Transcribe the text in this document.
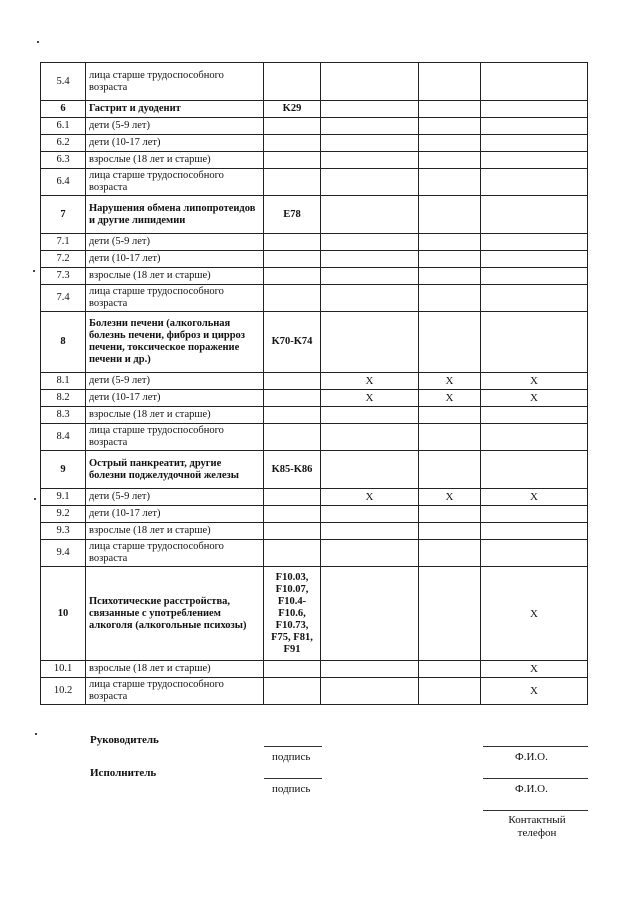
5.4	лица старше трудоспособного возраста				
6	Гастрит и дуоденит	K29			
6.1	дети (5-9 лет)				
6.2	дети (10-17 лет)				
6.3	взрослые (18 лет и старше)				
6.4	лица старше трудоспособного возраста				
7	Нарушения обмена липопротеидов и другие липидемии	E78			
7.1	дети (5-9 лет)				
7.2	дети (10-17 лет)				
7.3	взрослые (18 лет и старше)				
7.4	лица старше трудоспособного возраста				
8	Болезни печени (алкогольная болезнь печени, фиброз и цирроз печени, токсическое поражение печени и др.)	K70-K74			
8.1	дети (5-9 лет)		X	X	X
8.2	дети (10-17 лет)		X	X	X
8.3	взрослые (18 лет и старше)				
8.4	лица старше трудоспособного возраста				
9	Острый панкреатит, другие болезни поджелудочной железы	K85-K86			
9.1	дети (5-9 лет)		X	X	X
9.2	дети (10-17 лет)				
9.3	взрослые (18 лет и старше)				
9.4	лица старше трудоспособного возраста				
10	Психотические расстройства, связанные с употреблением алкоголя (алкогольные психозы)	F10.03, F10.07, F10.4-F10.6, F10.73, F75, F81, F91			X
10.1	взрослые (18 лет и старше)				X
10.2	лица старше трудоспособного возраста				X
Руководитель
подпись	Ф.И.О.
Исполнитель
подпись	Ф.И.О.
Контактный телефон
